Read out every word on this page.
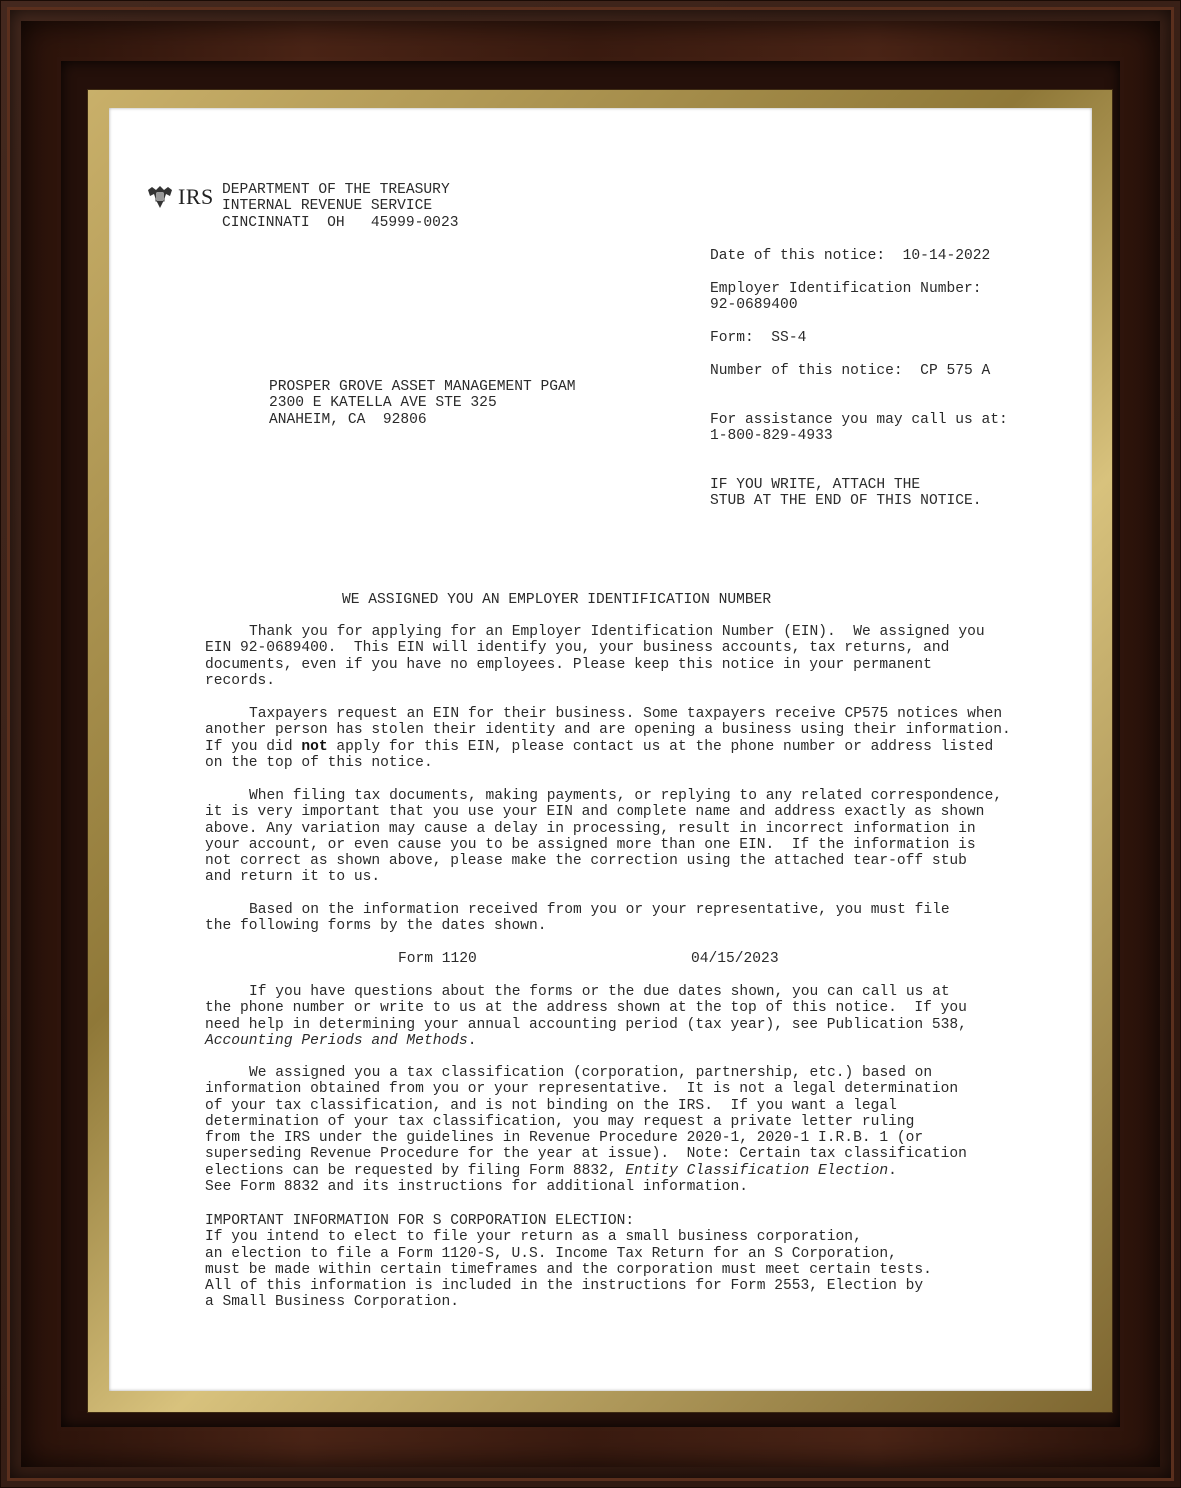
IRS DEPARTMENT OF THE TREASURY

INTERNAL REVENUE SERVICE

CINCINNATI  OH   45999-0023

Date of this notice:  10-14-2022

Employer Identification Number:

92-0689400

Form:  SS-4

Number of this notice:  CP 575 A

For assistance you may call us at:

1-800-829-4933

IF YOU WRITE, ATTACH THE

STUB AT THE END OF THIS NOTICE.

PROSPER GROVE ASSET MANAGEMENT PGAM

2300 E KATELLA AVE STE 325

ANAHEIM, CA  92806

WE ASSIGNED YOU AN EMPLOYER IDENTIFICATION NUMBER

Thank you for applying for an Employer Identification Number (EIN).  We assigned you
EIN 92-0689400.  This EIN will identify you, your business accounts, tax returns, and
documents, even if you have no employees. Please keep this notice in your permanent
records.

Taxpayers request an EIN for their business. Some taxpayers receive CP575 notices when
another person has stolen their identity and are opening a business using their information.
If you did not apply for this EIN, please contact us at the phone number or address listed
on the top of this notice.

When filing tax documents, making payments, or replying to any related correspondence,
it is very important that you use your EIN and complete name and address exactly as shown
above. Any variation may cause a delay in processing, result in incorrect information in
your account, or even cause you to be assigned more than one EIN.  If the information is
not correct as shown above, please make the correction using the attached tear-off stub
and return it to us.

Based on the information received from you or your representative, you must file
the following forms by the dates shown.

Form 1120	04/15/2023

If you have questions about the forms or the due dates shown, you can call us at
the phone number or write to us at the address shown at the top of this notice.  If you
need help in determining your annual accounting period (tax year), see Publication 538,
Accounting Periods and Methods.

We assigned you a tax classification (corporation, partnership, etc.) based on
information obtained from you or your representative.  It is not a legal determination
of your tax classification, and is not binding on the IRS.  If you want a legal
determination of your tax classification, you may request a private letter ruling
from the IRS under the guidelines in Revenue Procedure 2020-1, 2020-1 I.R.B. 1 (or
superseding Revenue Procedure for the year at issue).  Note: Certain tax classification
elections can be requested by filing Form 8832, Entity Classification Election.
See Form 8832 and its instructions for additional information.

IMPORTANT INFORMATION FOR S CORPORATION ELECTION:
If you intend to elect to file your return as a small business corporation,
an election to file a Form 1120-S, U.S. Income Tax Return for an S Corporation,
must be made within certain timeframes and the corporation must meet certain tests.
All of this information is included in the instructions for Form 2553, Election by
a Small Business Corporation.
